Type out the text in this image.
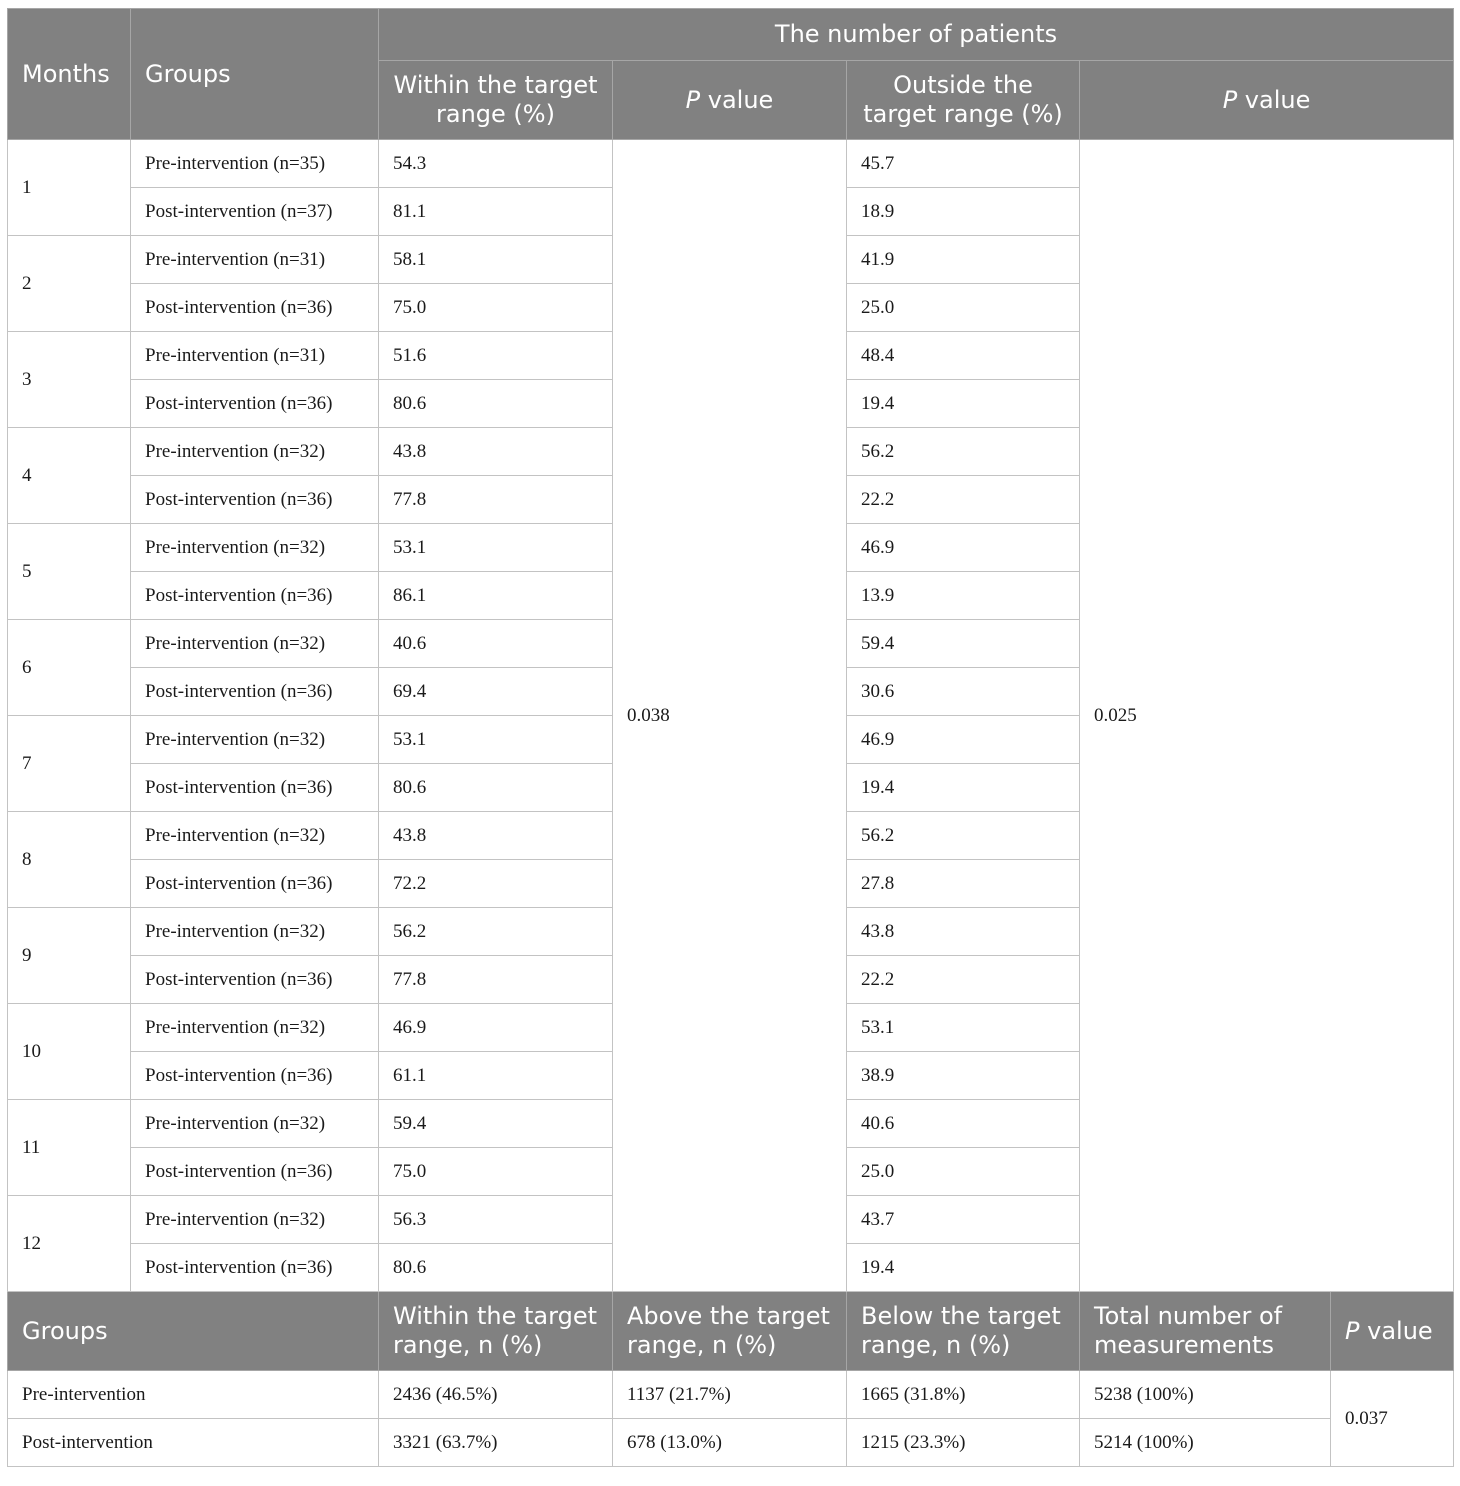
Months	Groups	The number of patients				
		Within the target range (%)	P value	Outside the target range (%)	P value	
1	Pre-intervention (n=35)	54.3	0.038	45.7	0.025	
	Post-intervention (n=37)	81.1		18.9		
2	Pre-intervention (n=31)	58.1		41.9		
	Post-intervention (n=36)	75.0		25.0		
3	Pre-intervention (n=31)	51.6		48.4		
	Post-intervention (n=36)	80.6		19.4		
4	Pre-intervention (n=32)	43.8		56.2		
	Post-intervention (n=36)	77.8		22.2		
5	Pre-intervention (n=32)	53.1		46.9		
	Post-intervention (n=36)	86.1		13.9		
6	Pre-intervention (n=32)	40.6		59.4		
	Post-intervention (n=36)	69.4		30.6		
7	Pre-intervention (n=32)	53.1		46.9		
	Post-intervention (n=36)	80.6		19.4		
8	Pre-intervention (n=32)	43.8		56.2		
	Post-intervention (n=36)	72.2		27.8		
9	Pre-intervention (n=32)	56.2		43.8		
	Post-intervention (n=36)	77.8		22.2		
10	Pre-intervention (n=32)	46.9		53.1		
	Post-intervention (n=36)	61.1		38.9		
11	Pre-intervention (n=32)	59.4		40.6		
	Post-intervention (n=36)	75.0		25.0		
12	Pre-intervention (n=32)	56.3		43.7		
	Post-intervention (n=36)	80.6		19.4		
Groups		Within the target range, n (%)	Above the target range, n (%)	Below the target range, n (%)	Total number of measurements	P value
Pre-intervention		2436 (46.5%)	1137 (21.7%)	1665 (31.8%)	5238 (100%)	0.037
Post-intervention		3321 (63.7%)	678 (13.0%)	1215 (23.3%)	5214 (100%)	
